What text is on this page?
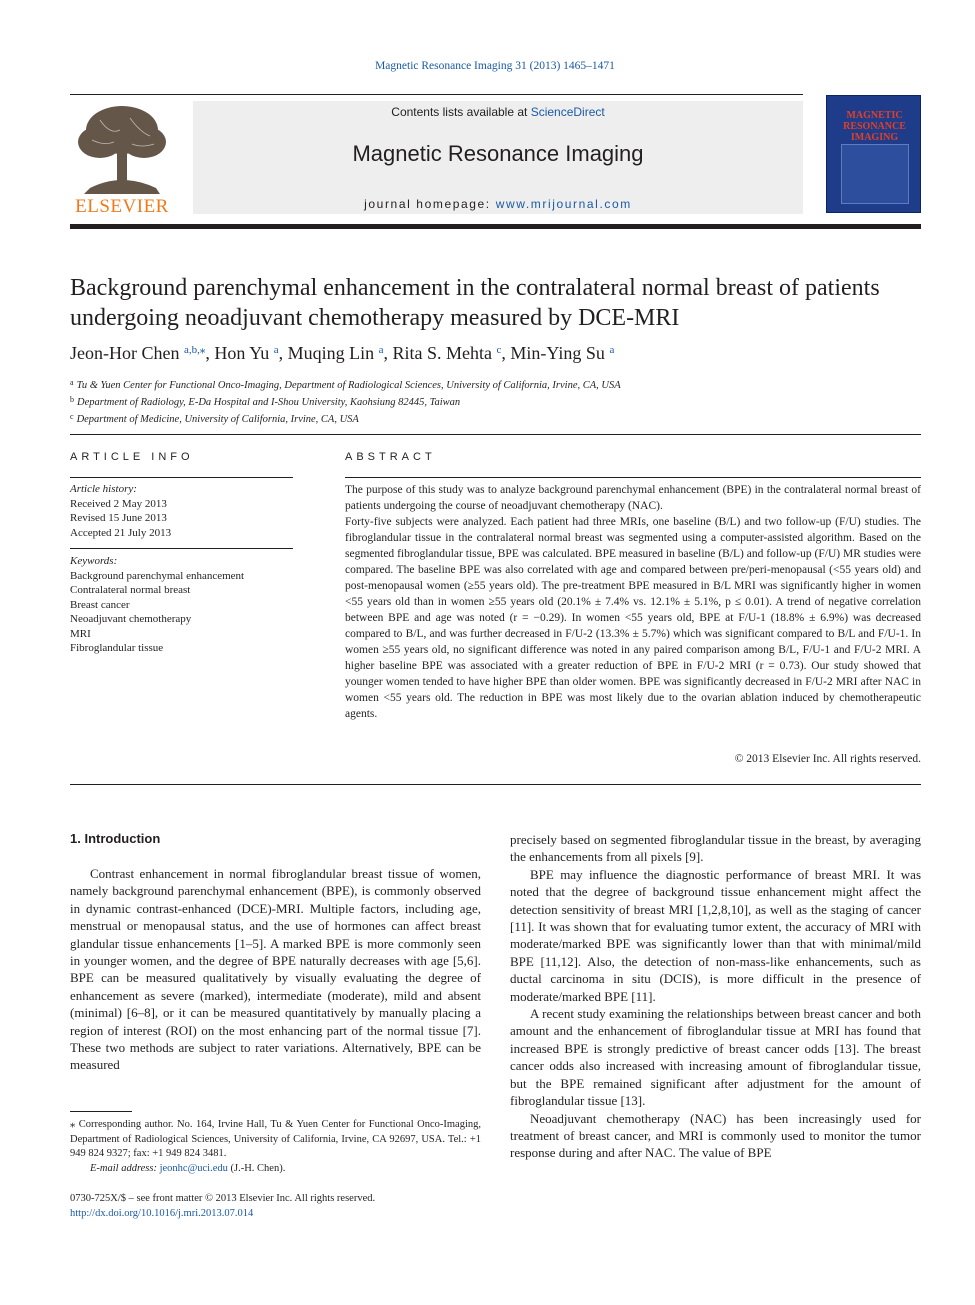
Magnetic Resonance Imaging 31 (2013) 1465–1471
ELSEVIER
Contents lists available at ScienceDirect
Magnetic Resonance Imaging
journal homepage: www.mrijournal.com
MAGNETIC RESONANCE IMAGING
Background parenchymal enhancement in the contralateral normal breast of patients undergoing neoadjuvant chemotherapy measured by DCE-MRI
Jeon-Hor Chen $^{a,b,⁎}$, Hon Yu $^a$, Muqing Lin $^a$, Rita S. Mehta $^c$, Min-Ying Su $^a$
$^a$ Tu & Yuen Center for Functional Onco-Imaging, Department of Radiological Sciences, University of California, Irvine, CA, USA
$^b$ Department of Radiology, E-Da Hospital and I-Shou University, Kaohsiung 82445, Taiwan
$^c$ Department of Medicine, University of California, Irvine, CA, USA
ARTICLE INFO
Article history:
Received 2 May 2013
Revised 15 June 2013
Accepted 21 July 2013
Keywords:
Background parenchymal enhancement
Contralateral normal breast
Breast cancer
Neoadjuvant chemotherapy
MRI
Fibroglandular tissue
ABSTRACT

The purpose of this study was to analyze background parenchymal enhancement (BPE) in the contralateral normal breast of patients undergoing the course of neoadjuvant chemotherapy (NAC).

Forty-five subjects were analyzed. Each patient had three MRIs, one baseline (B/L) and two follow-up (F/U) studies. The fibroglandular tissue in the contralateral normal breast was segmented using a computer-assisted algorithm. Based on the segmented fibroglandular tissue, BPE was calculated. BPE measured in baseline (B/L) and follow-up (F/U) MR studies were compared. The baseline BPE was also correlated with age and compared between pre/peri-menopausal (<55 years old) and post-menopausal women (≥55 years old). The pre-treatment BPE measured in B/L MRI was significantly higher in women <55 years old than in women ≥55 years old (20.1% ± 7.4% vs. 12.1% ± 5.1%, p ≤ 0.01). A trend of negative correlation between BPE and age was noted (r = −0.29). In women <55 years old, BPE at F/U-1 (18.8% ± 6.9%) was decreased compared to B/L, and was further decreased in F/U-2 (13.3% ± 5.7%) which was significant compared to B/L and F/U-1. In women ≥55 years old, no significant difference was noted in any paired comparison among B/L, F/U-1 and F/U-2 MRI. A higher baseline BPE was associated with a greater reduction of BPE in F/U-2 MRI (r = 0.73). Our study showed that younger women tended to have higher BPE than older women. BPE was significantly decreased in F/U-2 MRI after NAC in women <55 years old. The reduction in BPE was most likely due to the ovarian ablation induced by chemotherapeutic agents.

© 2013 Elsevier Inc. All rights reserved.
1. Introduction

Contrast enhancement in normal fibroglandular breast tissue of women, namely background parenchymal enhancement (BPE), is commonly observed in dynamic contrast-enhanced (DCE)-MRI. Multiple factors, including age, menstrual or menopausal status, and the use of hormones can affect breast glandular tissue enhancements [1–5]. A marked BPE is more commonly seen in younger women, and the degree of BPE naturally decreases with age [5,6]. BPE can be measured qualitatively by visually evaluating the degree of enhancement as severe (marked), intermediate (moderate), mild and absent (minimal) [6–8], or it can be measured quantitatively by manually placing a region of interest (ROI) on the most enhancing part of the normal tissue [7]. These two methods are subject to rater variations. Alternatively, BPE can be measured

precisely based on segmented fibroglandular tissue in the breast, by averaging the enhancements from all pixels [9].

BPE may influence the diagnostic performance of breast MRI. It was noted that the degree of background tissue enhancement might affect the detection sensitivity of breast MRI [1,2,8,10], as well as the staging of cancer [11]. It was shown that for evaluating tumor extent, the accuracy of MRI with moderate/marked BPE was significantly lower than that with minimal/mild BPE [11,12]. Also, the detection of non-mass-like enhancements, such as ductal carcinoma in situ (DCIS), is more difficult in the presence of moderate/marked BPE [11].

A recent study examining the relationships between breast cancer and both amount and the enhancement of fibroglandular tissue at MRI has found that increased BPE is strongly predictive of breast cancer odds [13]. The breast cancer odds also increased with increasing amount of fibroglandular tissue, but the BPE remained significant after adjustment for the amount of fibroglandular tissue [13].

Neoadjuvant chemotherapy (NAC) has been increasingly used for treatment of breast cancer, and MRI is commonly used to monitor the tumor response during and after NAC. The value of BPE

⁎ Corresponding author. No. 164, Irvine Hall, Tu & Yuen Center for Functional Onco-Imaging, Department of Radiological Sciences, University of California, Irvine, CA 92697, USA. Tel.: +1 949 824 9327; fax: +1 949 824 3481.
E-mail address: jeonhc@uci.edu (J.-H. Chen).
0730-725X/$ – see front matter © 2013 Elsevier Inc. All rights reserved.
http://dx.doi.org/10.1016/j.mri.2013.07.014
